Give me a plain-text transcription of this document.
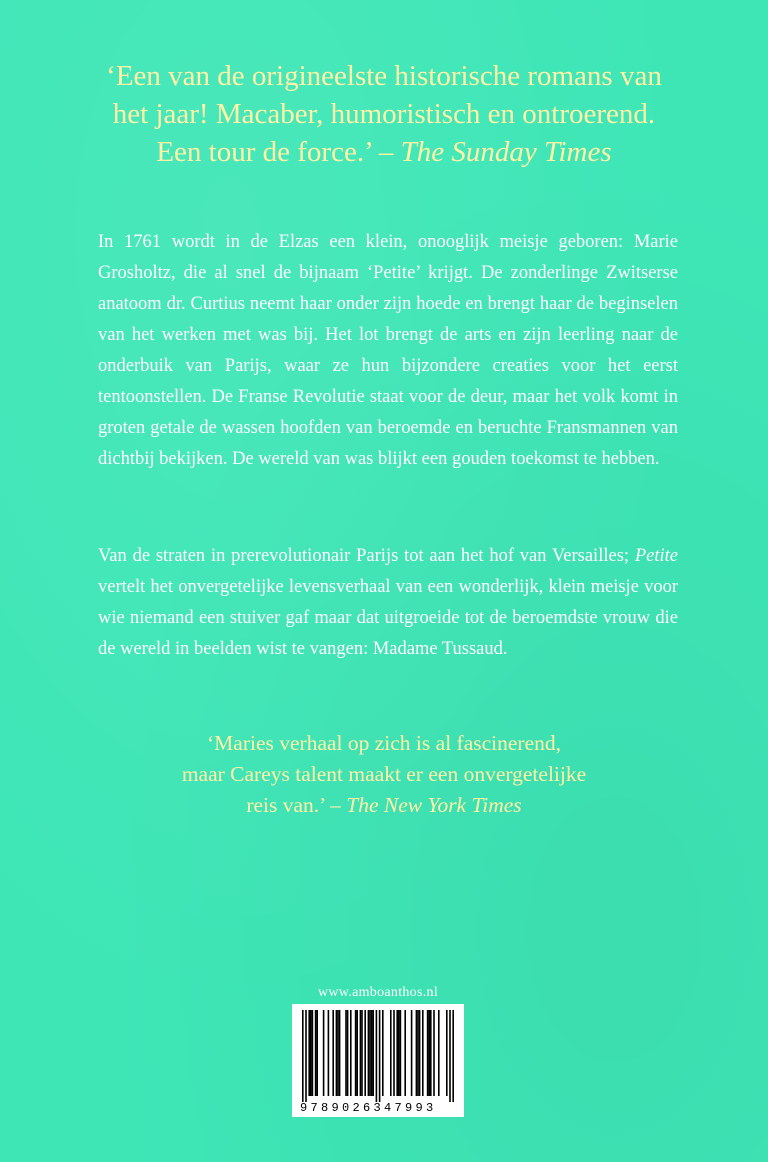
‘Een van de origineelste historische romans van

het jaar! Macaber, humoristisch en ontroerend.

Een tour de force.’ – The Sunday Times

In 1761 wordt in de Elzas een klein, onooglijk meisje geboren: Marie Grosholtz, die al snel de bijnaam ‘Petite’ krijgt. De zonderlinge Zwitserse anatoom dr. Curtius neemt haar onder zijn hoede en brengt haar de beginselen van het werken met was bij. Het lot brengt de arts en zijn leerling naar de onderbuik van Parijs, waar ze hun bijzondere creaties voor het eerst tentoonstellen. De Franse Revolutie staat voor de deur, maar het volk komt in groten getale de wassen hoofden van beroemde en beruchte Fransmannen van dichtbij bekijken. De wereld van was blijkt een gouden toekomst te hebben.

Van de straten in prerevolutionair Parijs tot aan het hof van Versailles; Petite vertelt het onvergetelijke levensverhaal van een wonderlijk, klein meisje voor wie niemand een stuiver gaf maar dat uitgroeide tot de beroemdste vrouw die de wereld in beelden wist te vangen: Madame Tussaud.

‘Maries verhaal op zich is al fascinerend,

maar Careys talent maakt er een onvergetelijke

reis van.’ – The New York Times

www.amboanthos.nl
9789026347993
